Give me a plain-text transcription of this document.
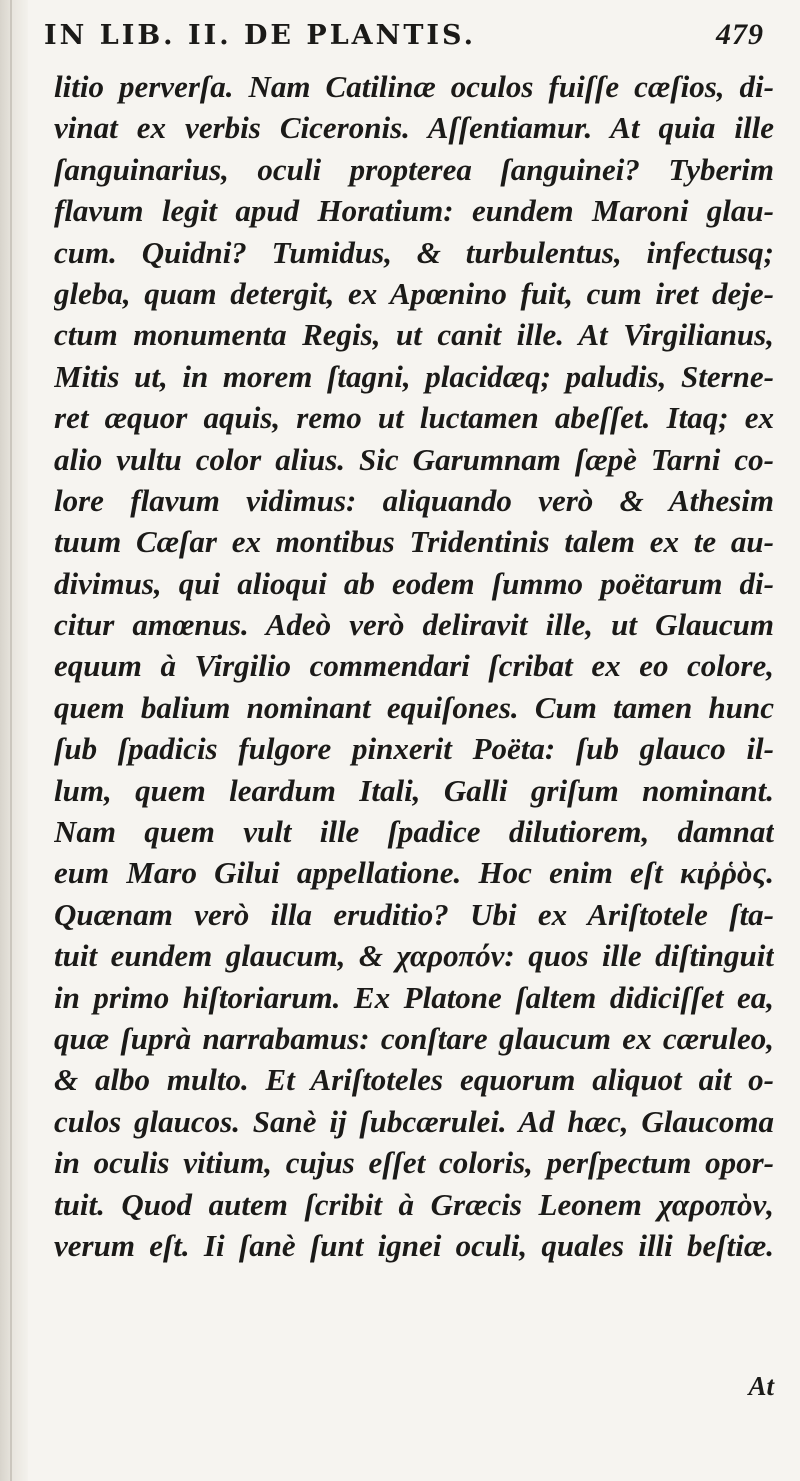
IN LIB. II. DE PLANTIS.	479
litio perverſa. Nam Catilinæ oculos fuiſſe cæſios, di-
vinat ex verbis Ciceronis. Aſſentiamur. At quia ille
ſanguinarius, oculi propterea ſanguinei? Tyberim
flavum legit apud Horatium: eundem Maroni glau-
cum. Quidni? Tumidus, & turbulentus, infectusq;
gleba, quam detergit, ex Apœnino fuit, cum iret deje-
ctum monumenta Regis, ut canit ille. At Virgilianus,
Mitis ut, in morem ſtagni, placidæq; paludis, Sterne-
ret æquor aquis, remo ut luctamen abeſſet. Itaq; ex
alio vultu color alius. Sic Garumnam ſæpè Tarni co-
lore flavum vidimus: aliquando verò & Athesim
tuum Cæſar ex montibus Tridentinis talem ex te au-
divimus, qui alioqui ab eodem ſummo poëtarum di-
citur amœnus. Adeò verò deliravit ille, ut Glaucum
equum à Virgilio commendari ſcribat ex eo colore,
quem balium nominant equiſones. Cum tamen hunc
ſub ſpadicis fulgore pinxerit Poëta: ſub glauco il-
lum, quem leardum Itali, Galli griſum nominant.
Nam quem vult ille ſpadice dilutiorem, damnat
eum Maro Gilui appellatione. Hoc enim eſt κιῤῥὸς.
Quænam verò illa eruditio? Ubi ex Ariſtotele ſta-
tuit eundem glaucum, & χαροπόν: quos ille diſtinguit
in primo hiſtoriarum. Ex Platone ſaltem didiciſſet ea,
quæ ſuprà narrabamus: conſtare glaucum ex cæruleo,
& albo multo. Et Ariſtoteles equorum aliquot ait o-
culos glaucos. Sanè ij ſubcærulei. Ad hæc, Glaucoma
in oculis vitium, cujus eſſet coloris, perſpectum opor-
tuit. Quod autem ſcribit à Græcis Leonem χαροπὸν,
verum eſt. Ii ſanè ſunt ignei oculi, quales illi beſtiæ.
At
